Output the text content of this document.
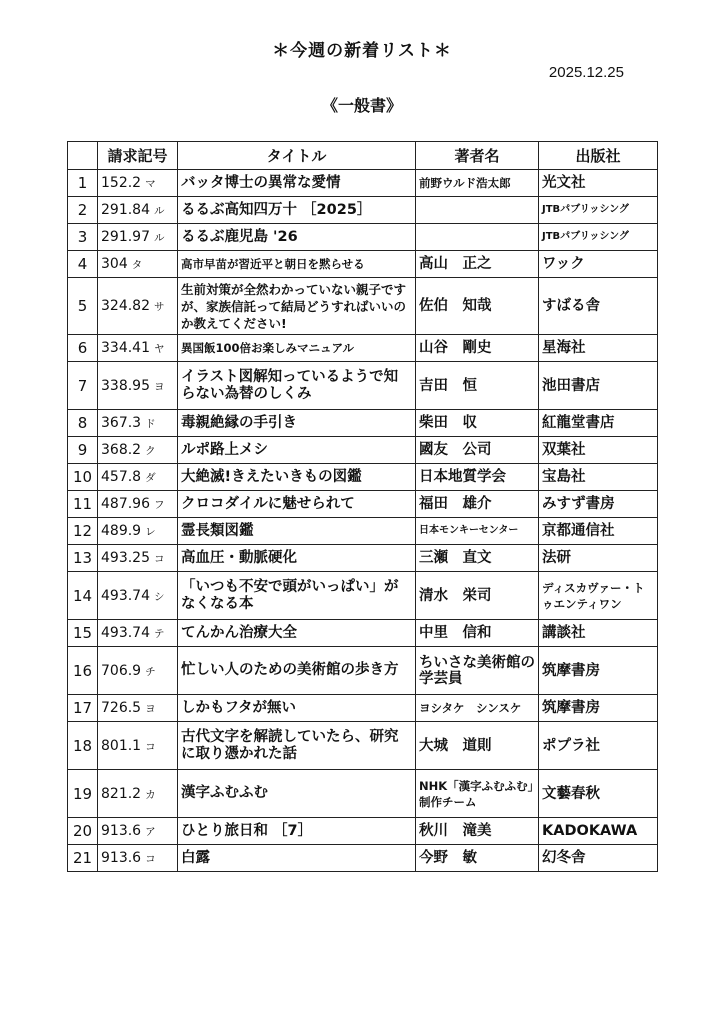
＊今週の新着リスト＊
2025.12.25
《一般書》
	請求記号	タイトル	著者名	出版社
1	152.2 マ	バッタ博士の異常な愛情	前野ウルド浩太郎	光文社
2	291.84 ル	るるぶ高知四万十 ［2025］		JTBパブリッシング
3	291.97 ル	るるぶ鹿児島 '26		JTBパブリッシング
4	304 タ	高市早苗が習近平と朝日を黙らせる	高山　正之	ワック
5	324.82 サ	生前対策が全然わかっていない親子ですが、家族信託って結局どうすればいいのか教えてください!	佐伯　知哉	すばる舎
6	334.41 ヤ	異国飯100倍お楽しみマニュアル	山谷　剛史	星海社
7	338.95 ヨ	イラスト図解知っているようで知らない為替のしくみ	吉田　恒	池田書店
8	367.3 ド	毒親絶縁の手引き	柴田　収	紅龍堂書店
9	368.2 ク	ルポ路上メシ	國友　公司	双葉社
10	457.8 ダ	大絶滅!きえたいきもの図鑑	日本地質学会	宝島社
11	487.96 フ	クロコダイルに魅せられて	福田　雄介	みすず書房
12	489.9 レ	霊長類図鑑	日本モンキーセンター	京都通信社
13	493.25 コ	高血圧・動脈硬化	三瀬　直文	法研
14	493.74 シ	「いつも不安で頭がいっぱい」がなくなる本	清水　栄司	ディスカヴァー・トゥエンティワン
15	493.74 テ	てんかん治療大全	中里　信和	講談社
16	706.9 チ	忙しい人のための美術館の歩き方	ちいさな美術館の学芸員	筑摩書房
17	726.5 ヨ	しかもフタが無い	ヨシタケ　シンスケ	筑摩書房
18	801.1 コ	古代文字を解読していたら、研究に取り憑かれた話	大城　道則	ポプラ社
19	821.2 カ	漢字ふむふむ	NHK「漢字ふむふむ」制作チーム	文藝春秋
20	913.6 ア	ひとり旅日和 ［7］	秋川　滝美	KADOKAWA
21	913.6 コ	白露	今野　敏	幻冬舎
